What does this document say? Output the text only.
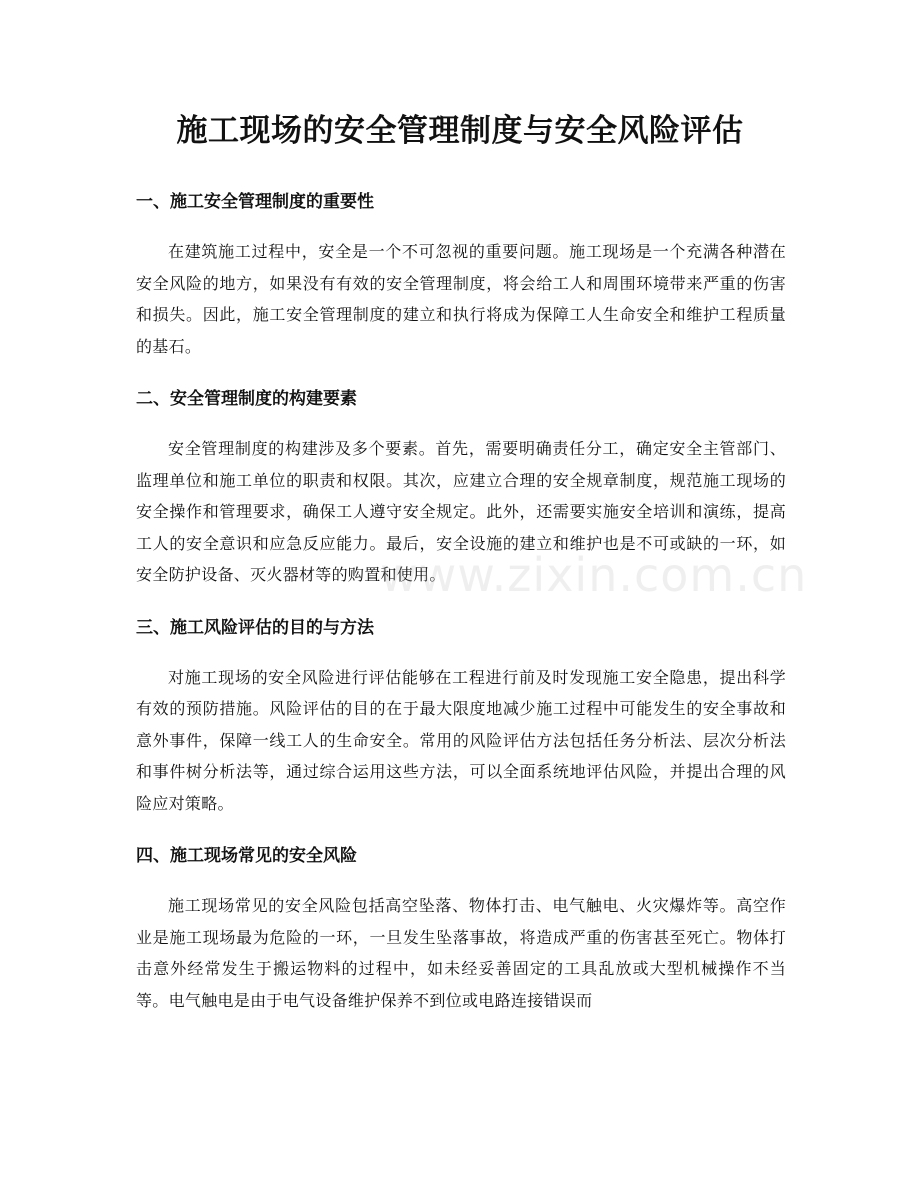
施工现场的安全管理制度与安全风险评估
一、施工安全管理制度的重要性

在建筑施工过程中，安全是一个不可忽视的重要问题。施工现场是一个充满各种潜在安全风险的地方，如果没有有效的安全管理制度，将会给工人和周围环境带来严重的伤害和损失。因此，施工安全管理制度的建立和执行将成为保障工人生命安全和维护工程质量的基石。

二、安全管理制度的构建要素

安全管理制度的构建涉及多个要素。首先，需要明确责任分工，确定安全主管部门、监理单位和施工单位的职责和权限。其次，应建立合理的安全规章制度，规范施工现场的安全操作和管理要求，确保工人遵守安全规定。此外，还需要实施安全培训和演练，提高工人的安全意识和应急反应能力。最后，安全设施的建立和维护也是不可或缺的一环，如安全防护设备、灭火器材等的购置和使用。

三、施工风险评估的目的与方法

对施工现场的安全风险进行评估能够在工程进行前及时发现施工安全隐患，提出科学有效的预防措施。风险评估的目的在于最大限度地减少施工过程中可能发生的安全事故和意外事件，保障一线工人的生命安全。常用的风险评估方法包括任务分析法、层次分析法和事件树分析法等，通过综合运用这些方法，可以全面系统地评估风险，并提出合理的风险应对策略。

四、施工现场常见的安全风险

施工现场常见的安全风险包括高空坠落、物体打击、电气触电、火灾爆炸等。高空作业是施工现场最为危险的一环，一旦发生坠落事故，将造成严重的伤害甚至死亡。物体打击意外经常发生于搬运物料的过程中，如未经妥善固定的工具乱放或大型机械操作不当等。电气触电是由于电气设备维护保养不到位或电路连接错误而

www.zixin.com.cn
